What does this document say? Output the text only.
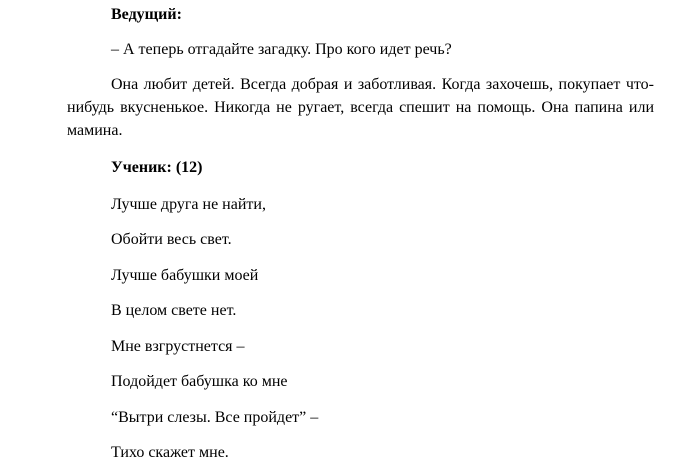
Ведущий:
– А теперь отгадайте загадку. Про кого идет речь?
Она любит детей. Всегда добрая и заботливая. Когда захочешь, покупает что-нибудь вкусненькое. Никогда не ругает, всегда спешит на помощь. Она папина или мамина.
Ученик: (12)
Лучше друга не найти,
Обойти весь свет.
Лучше бабушки моей
В целом свете нет.
Мне взгрустнется –
Подойдет бабушка ко мне
“Вытри слезы. Все пройдет” –
Тихо скажет мне.
